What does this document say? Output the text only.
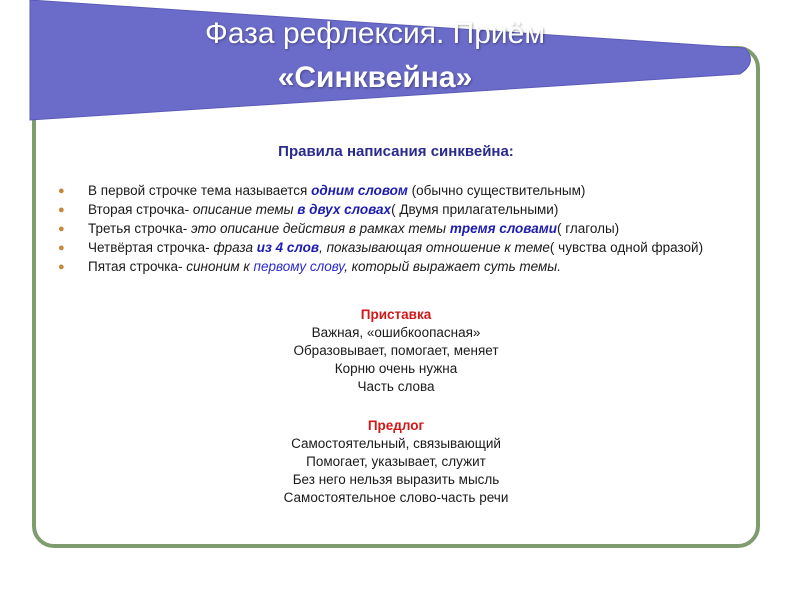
Фаза рефлексия. Приём
«Синквейна»
Правила написания синквейна:
● В первой строчке тема называется одним словом (обычно существительным)
● Вторая строчка- описание темы в двух словах( Двумя прилагательными)
● Третья строчка- это описание действия в рамках темы тремя словами( глаголы)
● Четвёртая строчка- фраза из 4 слов, показывающая отношение к теме( чувства одной фразой)
● Пятая строчка- синоним к первому слову, который выражает суть темы.
Приставка
Важная, «ошибкоопасная»
Образовывает, помогает, меняет
Корню очень нужна
Часть слова
Предлог
Самостоятельный, связывающий
Помогает, указывает, служит
Без него нельзя выразить мысль
Самостоятельное слово-часть речи
